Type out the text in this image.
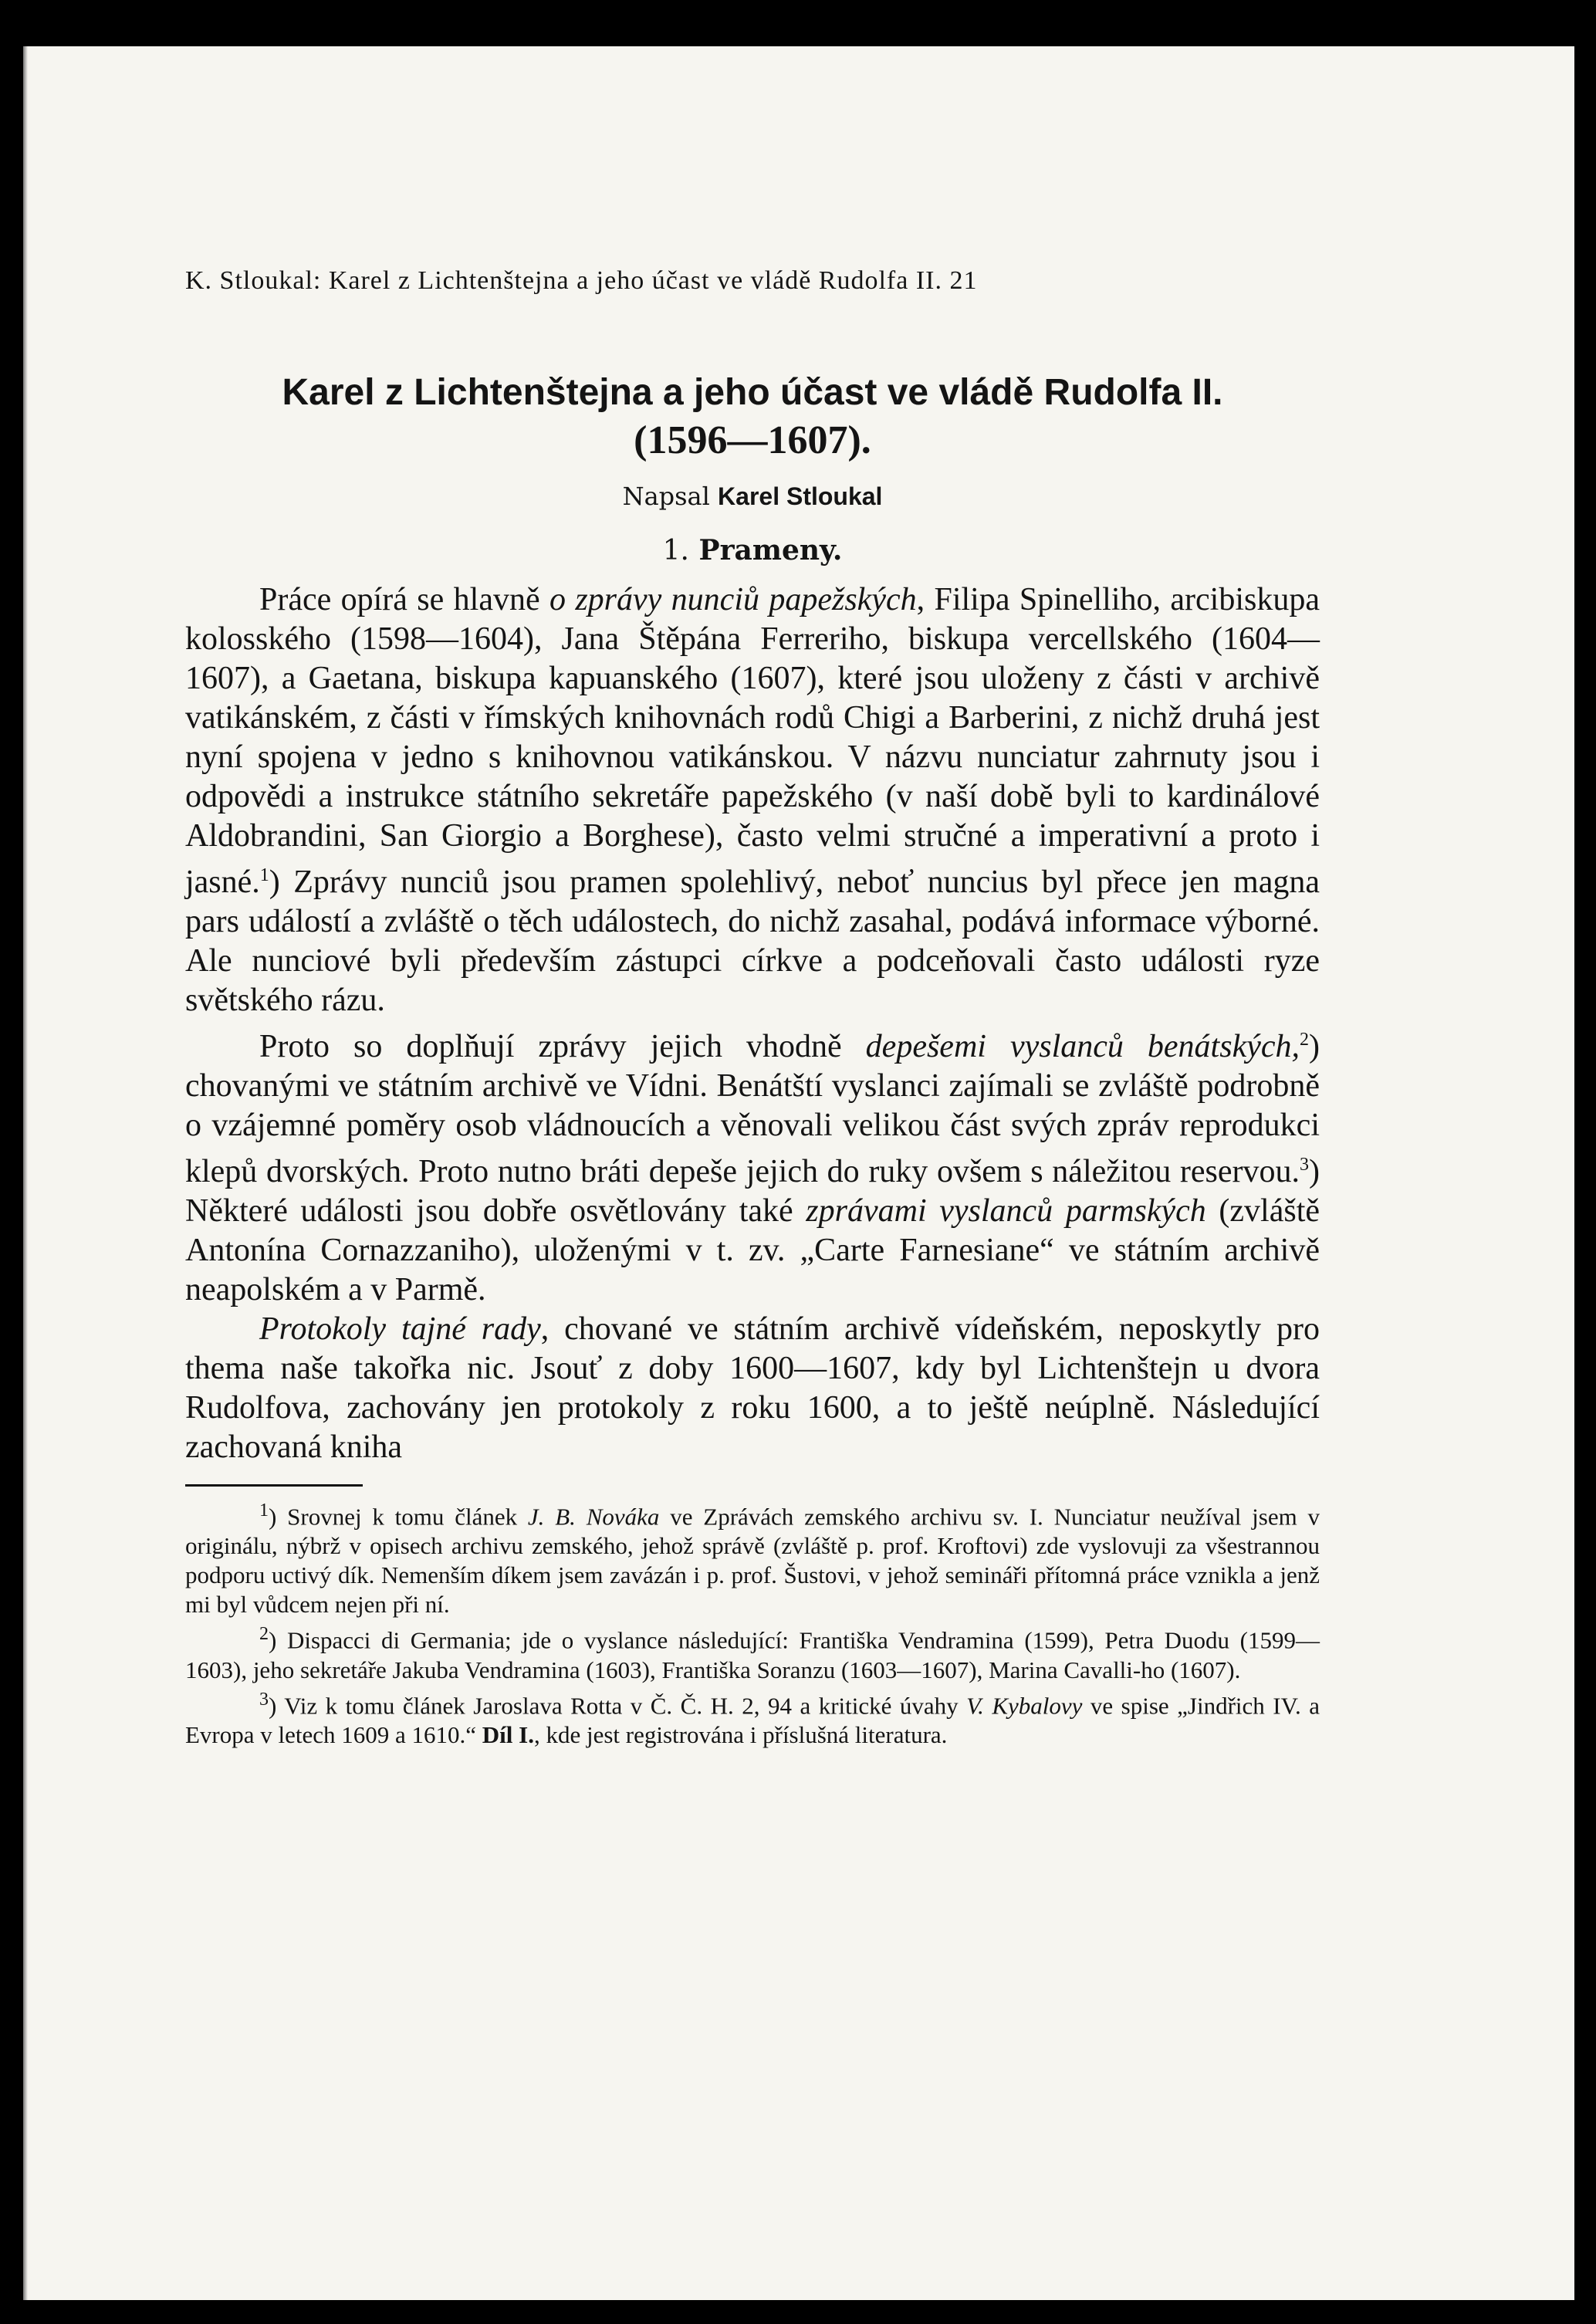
K. Stloukal: Karel z Lichtenštejna a jeho účast ve vládě Rudolfa II. 21
Karel z Lichtenštejna a jeho účast ve vládě Rudolfa II.
(1596—1607).
Napsal Karel Stloukal
1. Prameny.

Práce opírá se hlavně o zprávy nunciů papežských, Filipa Spinelliho, arcibiskupa kolosského (1598—1604), Jana Štěpána Ferreriho, biskupa vercellského (1604—1607), a Gaetana, biskupa kapuanského (1607), které jsou uloženy z části v archivě vatikánském, z části v římských knihovnách rodů Chigi a Barberini, z nichž druhá jest nyní spojena v jedno s knihovnou vatikánskou. V názvu nunciatur zahrnuty jsou i odpovědi a instrukce státního sekretáře papežského (v naší době byli to kardinálové Aldobrandini, San Giorgio a Borghese), často velmi stručné a imperativní a proto i jasné.$^1$) Zprávy nunciů jsou pramen spolehlivý, neboť nuncius byl přece jen magna pars událostí a zvláště o těch událostech, do nichž zasahal, podává informace výborné. Ale nunciové byli především zástupci církve a podceňovali často události ryze světského rázu.

Proto so doplňují zprávy jejich vhodně depešemi vyslanců benátských,$^2$) chovanými ve státním archivě ve Vídni. Benátští vyslanci zajímali se zvláště podrobně o vzájemné poměry osob vládnoucích a věnovali velikou část svých zpráv reprodukci klepů dvorských. Proto nutno bráti depeše jejich do ruky ovšem s náležitou reservou.$^3$) Některé události jsou dobře osvětlovány také zprávami vyslanců parmských (zvláště Antonína Cornazzaniho), uloženými v t. zv. „Carte Farnesiane“ ve státním archivě neapolském a v Parmě.

Protokoly tajné rady, chované ve státním archivě vídeňském, neposkytly pro thema naše takořka nic. Jsouť z doby 1600—1607, kdy byl Lichtenštejn u dvora Rudolfova, zachovány jen protokoly z roku 1600, a to ještě neúplně. Následující zachovaná kniha

$^1$) Srovnej k tomu článek J. B. Nováka ve Zprávách zemského archivu sv. I. Nunciatur neužíval jsem v originálu, nýbrž v opisech archivu zemského, jehož správě (zvláště p. prof. Kroftovi) zde vyslovuji za všestrannou podporu uctivý dík. Nemenším díkem jsem zavázán i p. prof. Šustovi, v jehož semináři přítomná práce vznikla a jenž mi byl vůdcem nejen při ní.

$^2$) Dispacci di Germania; jde o vyslance následující: Františka Vendramina (1599), Petra Duodu (1599—1603), jeho sekretáře Jakuba Vendramina (1603), Františka Soranzu (1603—1607), Marina Cavalli-ho (1607).

$^3$) Viz k tomu článek Jaroslava Rotta v Č. Č. H. 2, 94 a kritické úvahy V. Kybalovy ve spise „Jindřich IV. a Evropa v letech 1609 a 1610.“ Díl I., kde jest registrována i příslušná literatura.
